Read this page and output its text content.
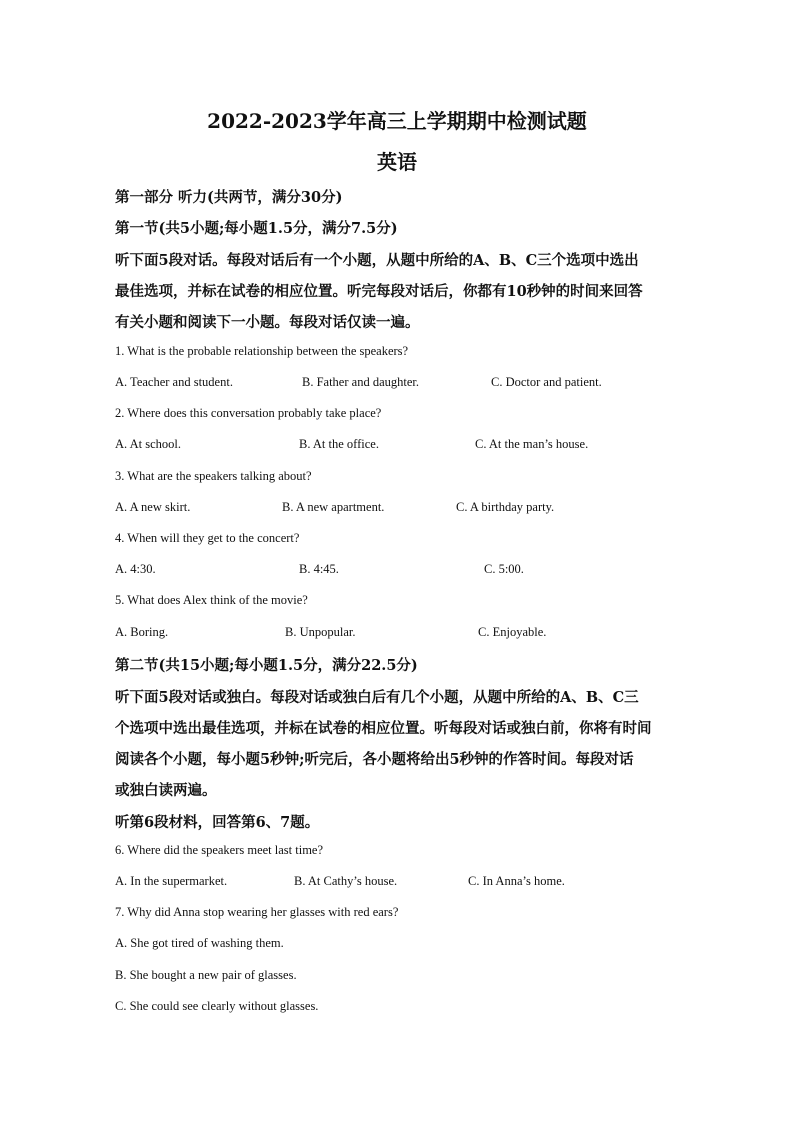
2022-2023学年高三上学期期中检测试题
英语
第一部分 听力(共两节，满分30分)
第一节(共5小题;每小题1.5分，满分7.5分)
听下面5段对话。每段对话后有一个小题，从题中所给的A、B、C三个选项中选出
最佳选项，并标在试卷的相应位置。听完每段对话后，你都有10秒钟的时间来回答
有关小题和阅读下一小题。每段对话仅读一遍。
1. What is the probable relationship between the speakers?
A. Teacher and student.	B. Father and daughter.	C. Doctor and patient.
2. Where does this conversation probably take place?
A. At school.	B. At the office.	C. At the man’s house.
3. What are the speakers talking about?
A. A new skirt.	B. A new apartment.	C. A birthday party.
4. When will they get to the concert?
A. 4:30.	B. 4:45.	C. 5:00.
5. What does Alex think of the movie?
A. Boring.	B. Unpopular.	C. Enjoyable.
第二节(共15小题;每小题1.5分，满分22.5分)
听下面5段对话或独白。每段对话或独白后有几个小题，从题中所给的A、B、C三
个选项中选出最佳选项，并标在试卷的相应位置。听每段对话或独白前，你将有时间
阅读各个小题，每小题5秒钟;听完后，各小题将给出5秒钟的作答时间。每段对话
或独白读两遍。
听第6段材料，回答第6、7题。
6. Where did the speakers meet last time?
A. In the supermarket.	B. At Cathy’s house.	C. In Anna’s home.
7. Why did Anna stop wearing her glasses with red ears?
A. She got tired of washing them.
B. She bought a new pair of glasses.
C. She could see clearly without glasses.
